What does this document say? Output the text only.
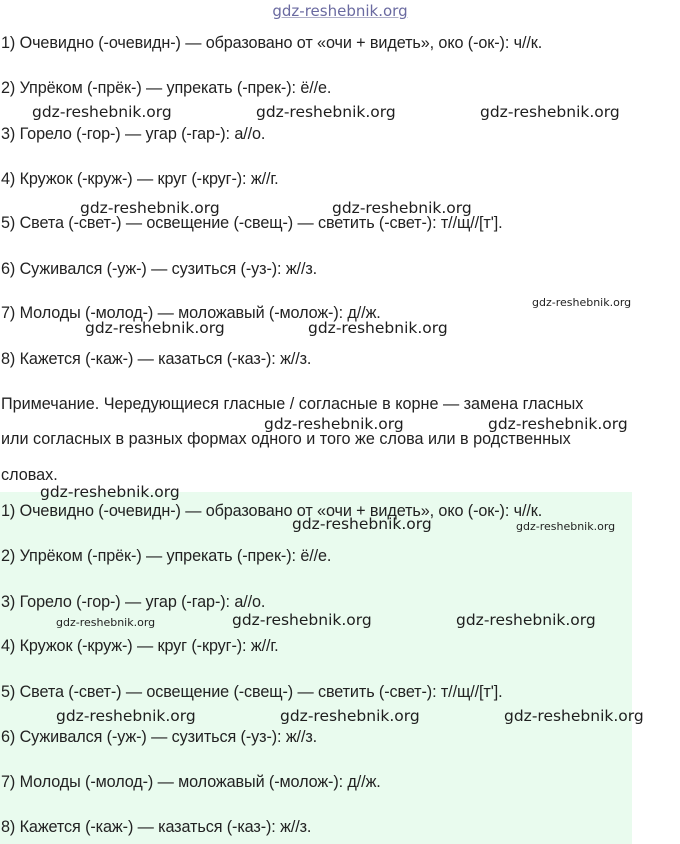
gdz-reshebnik.org
1) Очевидно (-очевидн-) — образовано от «очи + видеть», око (-ок-): ч//к.
2) Упрёком (-прёк-) — упрекать (-прек-): ё//е.
3) Горело (-гор-) — угар (-гар-): а//о.
4) Кружок (-круж-) — круг (-круг-): ж//г.
5) Света (-свет-) — освещение (-свещ-) — светить (-свет-): т//щ//[т'].
6) Суживался (-уж-) — сузиться (-уз-): ж//з.
7) Молоды (-молод-) — моложавый (-молож-): д//ж.
8) Кажется (-каж-) — казаться (-каз-): ж//з.
Примечание. Чередующиеся гласные / согласные в корне — замена гласных
или согласных в разных формах одного и того же слова или в родственных
словах.
1) Очевидно (-очевидн-) — образовано от «очи + видеть», око (-ок-): ч//к.
2) Упрёком (-прёк-) — упрекать (-прек-): ё//е.
3) Горело (-гор-) — угар (-гар-): а//о.
4) Кружок (-круж-) — круг (-круг-): ж//г.
5) Света (-свет-) — освещение (-свещ-) — светить (-свет-): т//щ//[т'].
6) Суживался (-уж-) — сузиться (-уз-): ж//з.
7) Молоды (-молод-) — моложавый (-молож-): д//ж.
8) Кажется (-каж-) — казаться (-каз-): ж//з.
gdz-reshebnik.org	gdz-reshebnik.org	gdz-reshebnik.org
gdz-reshebnik.org	gdz-reshebnik.org
gdz-reshebnik.org
gdz-reshebnik.org	gdz-reshebnik.org
gdz-reshebnik.org	gdz-reshebnik.org
gdz-reshebnik.org
gdz-reshebnik.org	gdz-reshebnik.org
gdz-reshebnik.org	gdz-reshebnik.org	gdz-reshebnik.org
gdz-reshebnik.org	gdz-reshebnik.org	gdz-reshebnik.org
